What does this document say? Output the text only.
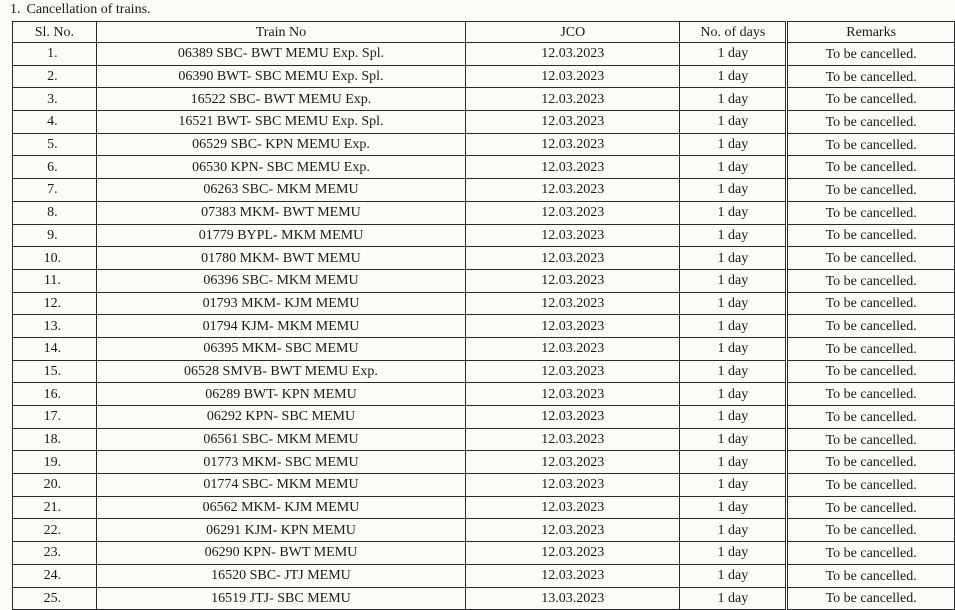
1. Cancellation of trains.
Sl. No.	Train No	JCO	No. of days	Remarks
1.	06389 SBC- BWT MEMU Exp. Spl.	12.03.2023	1 day	To be cancelled.
2.	06390 BWT- SBC MEMU Exp. Spl.	12.03.2023	1 day	To be cancelled.
3.	16522 SBC- BWT MEMU Exp.	12.03.2023	1 day	To be cancelled.
4.	16521 BWT- SBC MEMU Exp. Spl.	12.03.2023	1 day	To be cancelled.
5.	06529 SBC- KPN MEMU Exp.	12.03.2023	1 day	To be cancelled.
6.	06530 KPN- SBC MEMU Exp.	12.03.2023	1 day	To be cancelled.
7.	06263 SBC- MKM MEMU	12.03.2023	1 day	To be cancelled.
8.	07383 MKM- BWT MEMU	12.03.2023	1 day	To be cancelled.
9.	01779 BYPL- MKM MEMU	12.03.2023	1 day	To be cancelled.
10.	01780 MKM- BWT MEMU	12.03.2023	1 day	To be cancelled.
11.	06396 SBC- MKM MEMU	12.03.2023	1 day	To be cancelled.
12.	01793 MKM- KJM MEMU	12.03.2023	1 day	To be cancelled.
13.	01794 KJM- MKM MEMU	12.03.2023	1 day	To be cancelled.
14.	06395 MKM- SBC MEMU	12.03.2023	1 day	To be cancelled.
15.	06528 SMVB- BWT MEMU Exp.	12.03.2023	1 day	To be cancelled.
16.	06289 BWT- KPN MEMU	12.03.2023	1 day	To be cancelled.
17.	06292 KPN- SBC MEMU	12.03.2023	1 day	To be cancelled.
18.	06561 SBC- MKM MEMU	12.03.2023	1 day	To be cancelled.
19.	01773 MKM- SBC MEMU	12.03.2023	1 day	To be cancelled.
20.	01774 SBC- MKM MEMU	12.03.2023	1 day	To be cancelled.
21.	06562 MKM- KJM MEMU	12.03.2023	1 day	To be cancelled.
22.	06291 KJM- KPN MEMU	12.03.2023	1 day	To be cancelled.
23.	06290 KPN- BWT MEMU	12.03.2023	1 day	To be cancelled.
24.	16520 SBC- JTJ MEMU	12.03.2023	1 day	To be cancelled.
25.	16519 JTJ- SBC MEMU	13.03.2023	1 day	To be cancelled.
